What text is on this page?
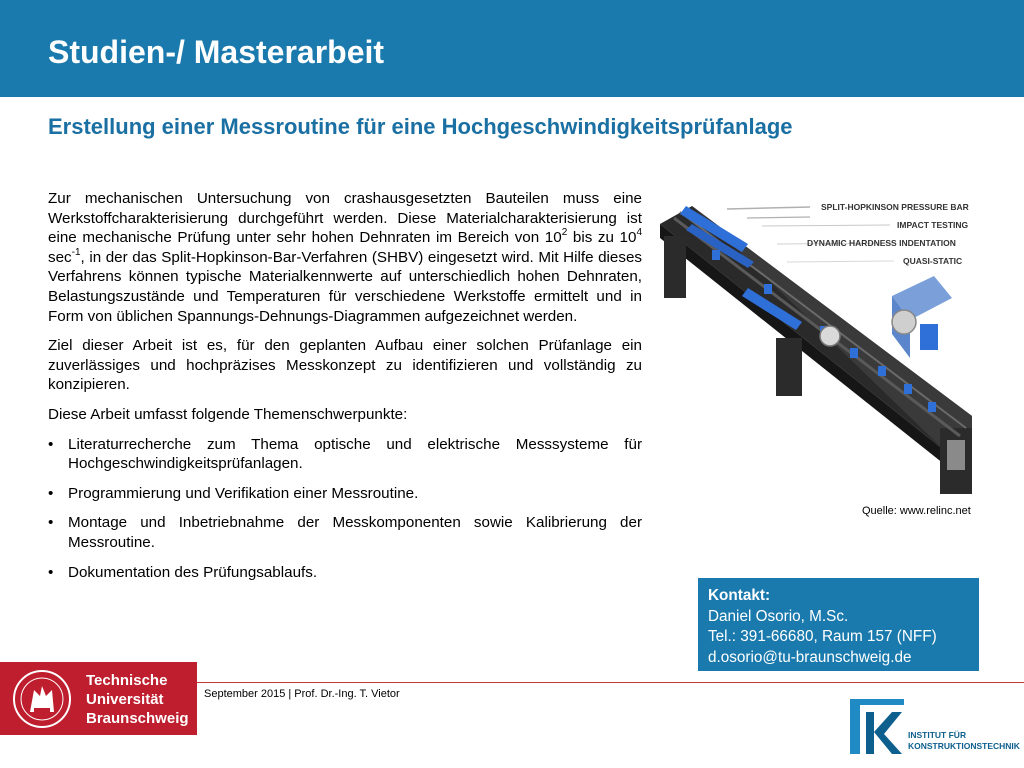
Studien-/ Masterarbeit
Erstellung einer Messroutine für eine Hochgeschwindigkeitsprüfanlage

Zur mechanischen Untersuchung von crashausgesetzten Bauteilen muss eine Werkstoffcharakterisierung durchgeführt werden. Diese Materialcharakterisierung ist eine mechanische Prüfung unter sehr hohen Dehnraten im Bereich von $10^2$ bis zu $10^4$ $\sec^{-1}$, in der das Split-Hopkinson-Bar-Verfahren (SHBV) eingesetzt wird. Mit Hilfe dieses Verfahrens können typische Materialkennwerte auf unterschiedlich hohen Dehnraten, Belastungszustände und Temperaturen für verschiedene Werkstoffe ermittelt und in Form von üblichen Spannungs-Dehnungs-Diagrammen aufgezeichnet werden.

Ziel dieser Arbeit ist es, für den geplanten Aufbau einer solchen Prüfanlage ein zuverlässiges und hochpräzises Messkonzept zu identifizieren und vollständig zu konzipieren.

Diese Arbeit umfasst folgende Themenschwerpunkte:

• Literaturrecherche zum Thema optische und elektrische Messsysteme für Hochgeschwindigkeitsprüfanlagen.
• Programmierung und Verifikation einer Messroutine.
• Montage und Inbetriebnahme der Messkomponenten sowie Kalibrierung der Messroutine.
• Dokumentation des Prüfungsablaufs.
SPLIT-HOPKINSON PRESSURE BAR
IMPACT TESTING
DYNAMIC HARDNESS INDENTATION
QUASI-STATIC
Quelle: www.relinc.net
Kontakt:
Daniel Osorio, M.Sc.
Tel.: 391-66680, Raum 157 (NFF)
d.osorio@tu-braunschweig.de
Technische
Universität
Braunschweig
September 2015 | Prof. Dr.-Ing. T. Vietor
INSTITUT FÜR
KONSTRUKTIONSTECHNIK
